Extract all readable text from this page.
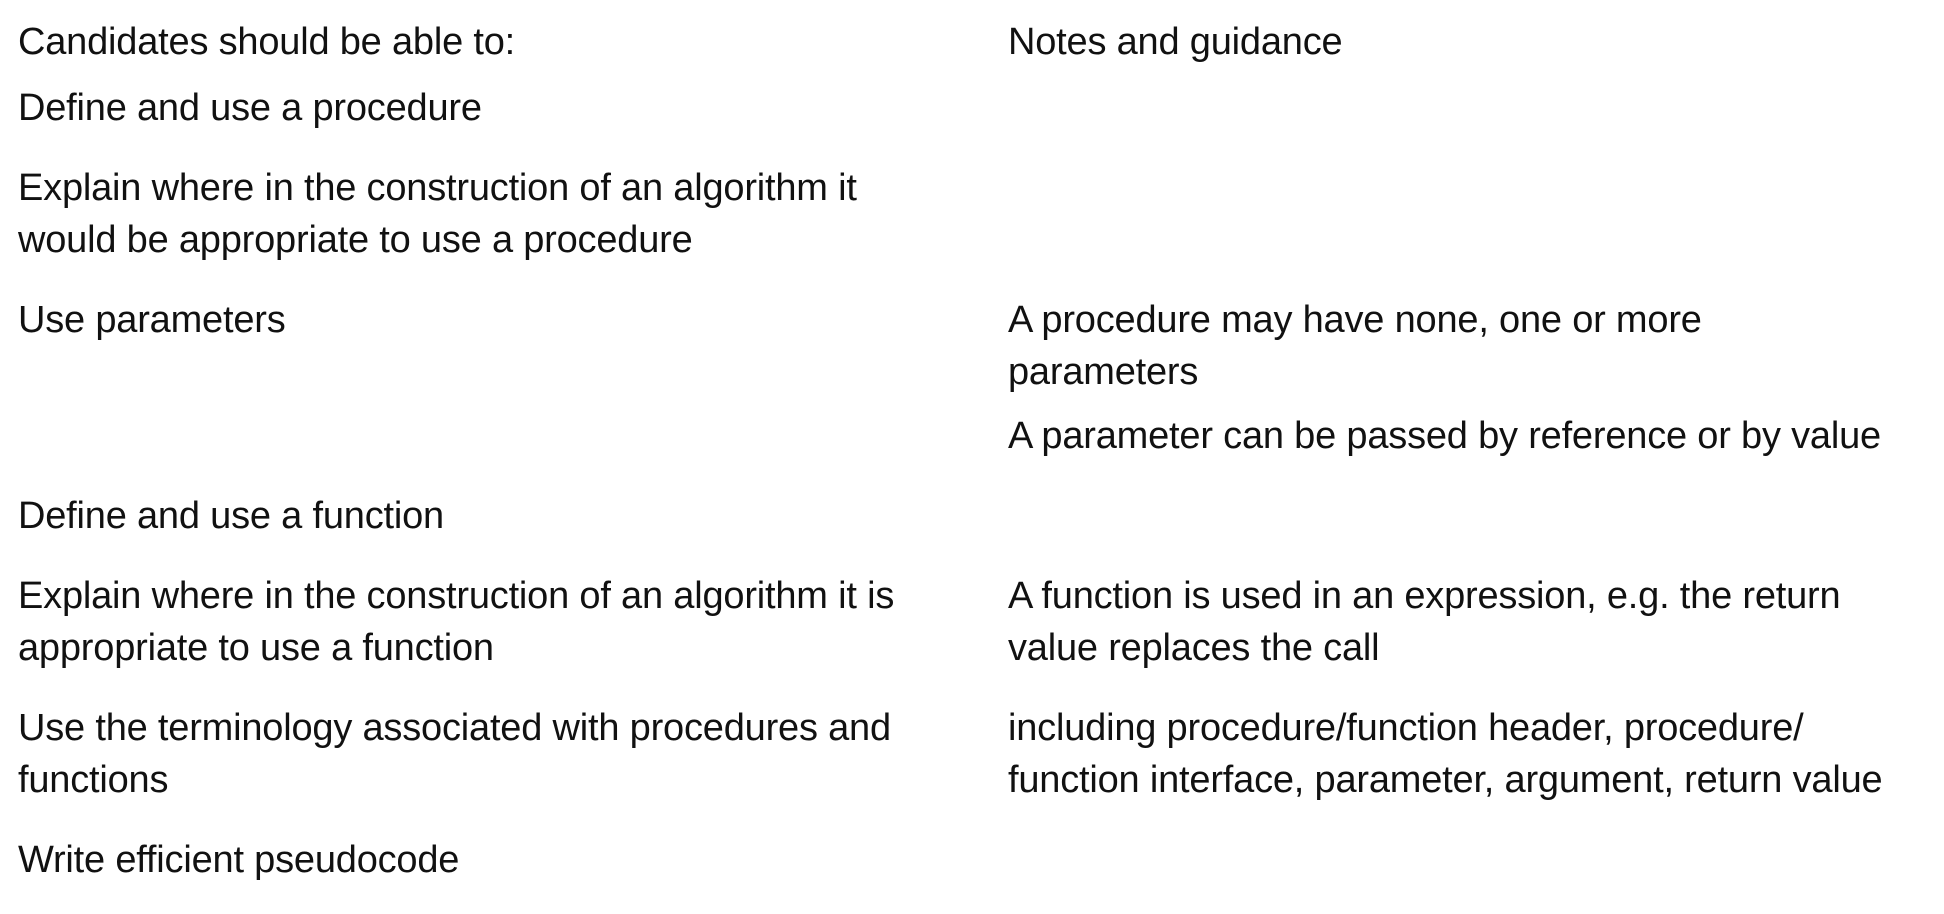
Candidates should be able to:	Notes and guidance
Define and use a procedure
Explain where in the construction of an algorithm it would be appropriate to use a procedure
Use parameters	A procedure may have none, one or more parameters
A parameter can be passed by reference or by value
Define and use a function
Explain where in the construction of an algorithm it is appropriate to use a function
A function is used in an expression, e.g. the return value replaces the call
Use the terminology associated with procedures and functions
including procedure/function header, procedure/ function interface, parameter, argument, return value
Write efficient pseudocode
